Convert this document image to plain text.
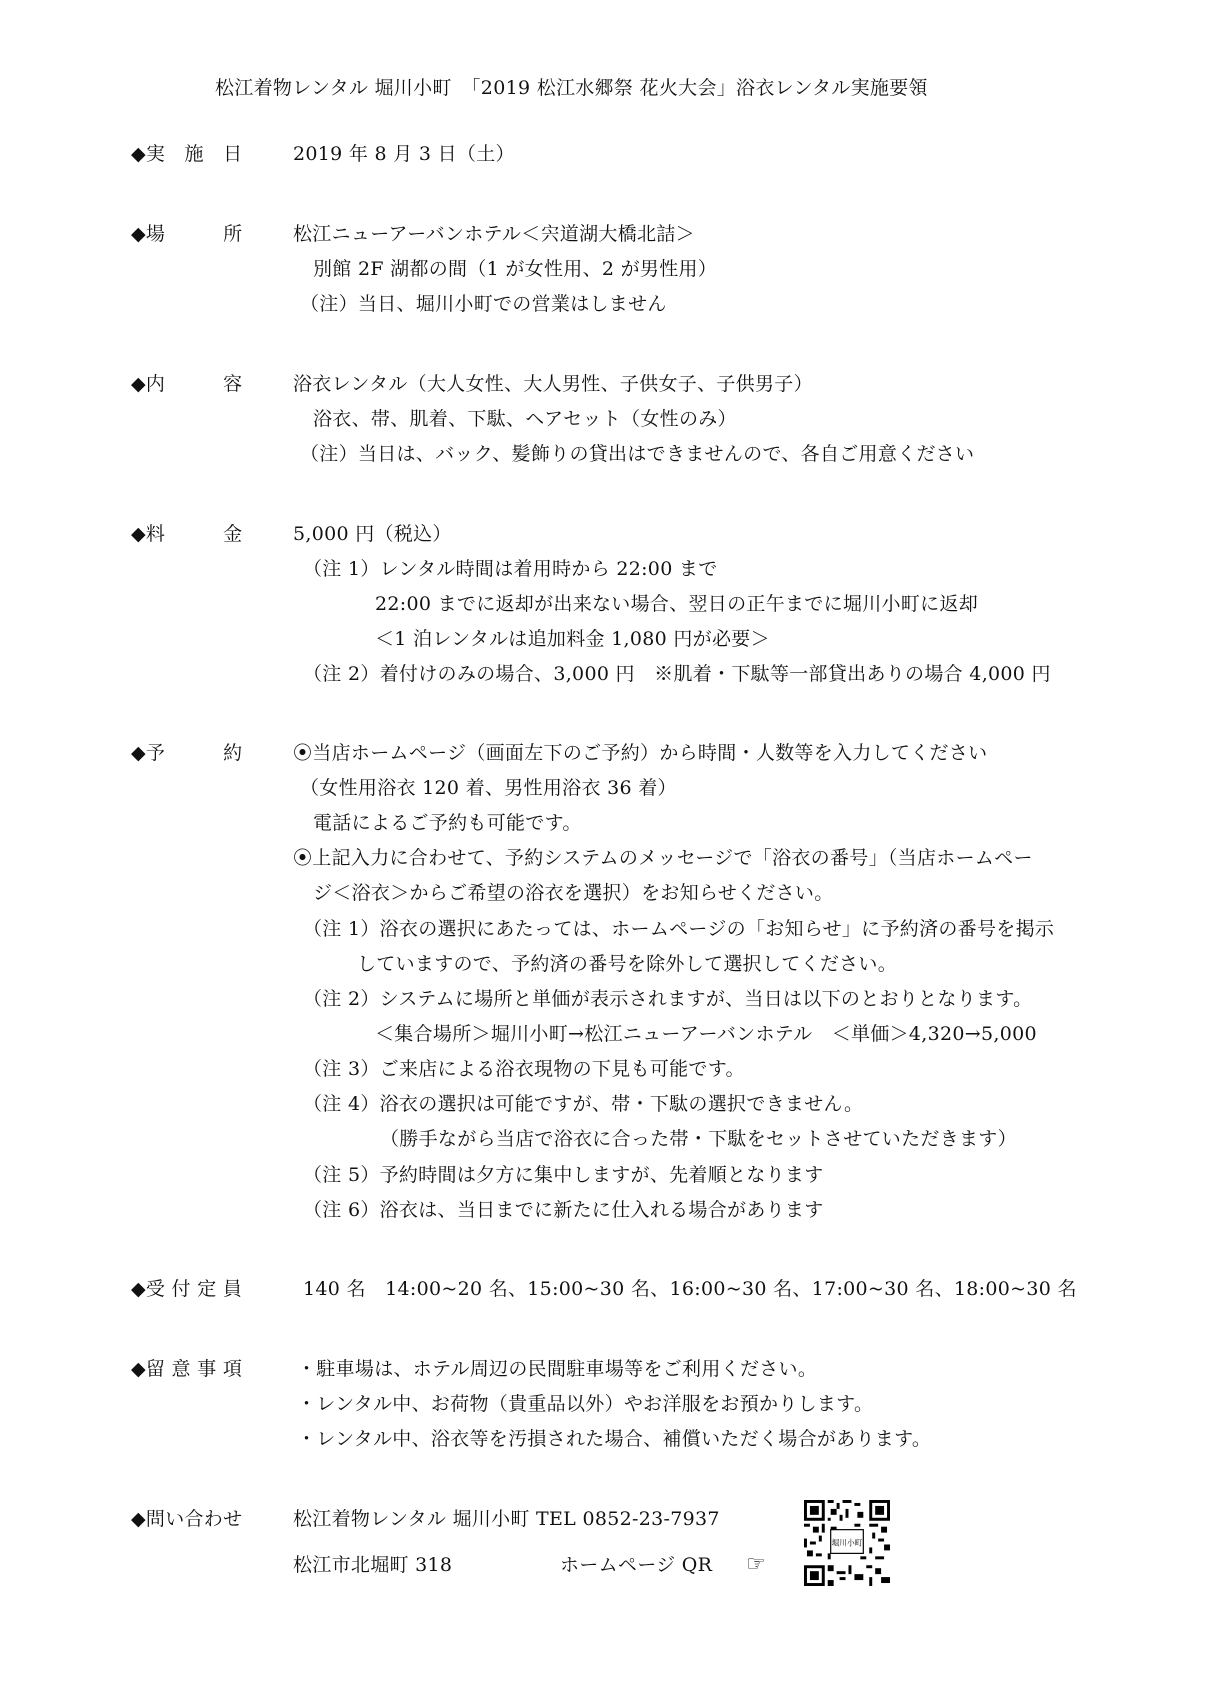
松江着物レンタル 堀川小町　「2019 松江水郷祭 花火大会」浴衣レンタル実施要領
◆実　施　日	2019 年 8 月 3 日（土）
◆場　　　所	松江ニューアーバンホテル＜宍道湖大橋北詰＞
別館 2F 湖都の間（1 が女性用、2 が男性用）
（注）当日、堀川小町での営業はしません
◆内　　　容	浴衣レンタル（大人女性、大人男性、子供女子、子供男子）
浴衣、帯、肌着、下駄、ヘアセット（女性のみ）
（注）当日は、バック、髪飾りの貸出はできませんので、各自ご用意ください
◆料　　　金	5,000 円（税込）
（注 1）レンタル時間は着用時から 22:00 まで
22:00 までに返却が出来ない場合、翌日の正午までに堀川小町に返却
＜1 泊レンタルは追加料金 1,080 円が必要＞
（注 2）着付けのみの場合、3,000 円　※肌着・下駄等一部貸出ありの場合 4,000 円
◆予　　　約	⦿当店ホームページ（画面左下のご予約）から時間・人数等を入力してください
（女性用浴衣 120 着、男性用浴衣 36 着）
電話によるご予約も可能です。
⦿上記入力に合わせて、予約システムのメッセージで「浴衣の番号」（当店ホームペー
ジ＜浴衣＞からご希望の浴衣を選択）をお知らせください。
（注 1）浴衣の選択にあたっては、ホームページの「お知らせ」に予約済の番号を掲示
していますので、予約済の番号を除外して選択してください。
（注 2）システムに場所と単価が表示されますが、当日は以下のとおりとなります。
＜集合場所＞堀川小町→松江ニューアーバンホテル　＜単価＞4,320→5,000
（注 3）ご来店による浴衣現物の下見も可能です。
（注 4）浴衣の選択は可能ですが、帯・下駄の選択できません。
（勝手ながら当店で浴衣に合った帯・下駄をセットさせていただきます）
（注 5）予約時間は夕方に集中しますが、先着順となります
（注 6）浴衣は、当日までに新たに仕入れる場合があります
◆受 付 定 員	140 名　14:00~20 名、15:00~30 名、16:00~30 名、17:00~30 名、18:00~30 名
◆留 意 事 項	・駐車場は、ホテル周辺の民間駐車場等をご利用ください。
・レンタル中、お荷物（貴重品以外）やお洋服をお預かりします。
・レンタル中、浴衣等を汚損された場合、補償いただく場合があります。
◆問い合わせ	松江着物レンタル 堀川小町 TEL 0852-23-7937
松江市北堀町 318	ホームページ QR ☞
堀川小町
